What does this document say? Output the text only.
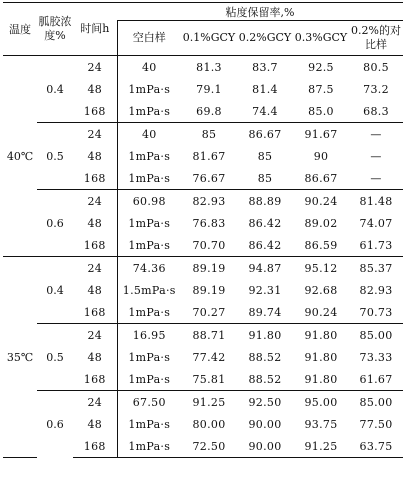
温度	胍胶浓度%	时间h	粘度保留率,%				
			空白样	0.1%GCY	0.2%GCY	0.3%GCY	0.2%的对比样
40℃	0.4	24	40	81.3	83.7	92.5	80.5
		48	1mPa·s	79.1	81.4	87.5	73.2
		168	1mPa·s	69.8	74.4	85.0	68.3
	0.5	24	40	85	86.67	91.67	—
		48	1mPa·s	81.67	85	90	—
		168	1mPa·s	76.67	85	86.67	—
	0.6	24	60.98	82.93	88.89	90.24	81.48
		48	1mPa·s	76.83	86.42	89.02	74.07
		168	1mPa·s	70.70	86.42	86.59	61.73
35℃	0.4	24	74.36	89.19	94.87	95.12	85.37
		48	1.5mPa·s	89.19	92.31	92.68	82.93
		168	1mPa·s	70.27	89.74	90.24	70.73
	0.5	24	16.95	88.71	91.80	91.80	85.00
		48	1mPa·s	77.42	88.52	91.80	73.33
		168	1mPa·s	75.81	88.52	91.80	61.67
	0.6	24	67.50	91.25	92.50	95.00	85.00
		48	1mPa·s	80.00	90.00	93.75	77.50
		168	1mPa·s	72.50	90.00	91.25	63.75
